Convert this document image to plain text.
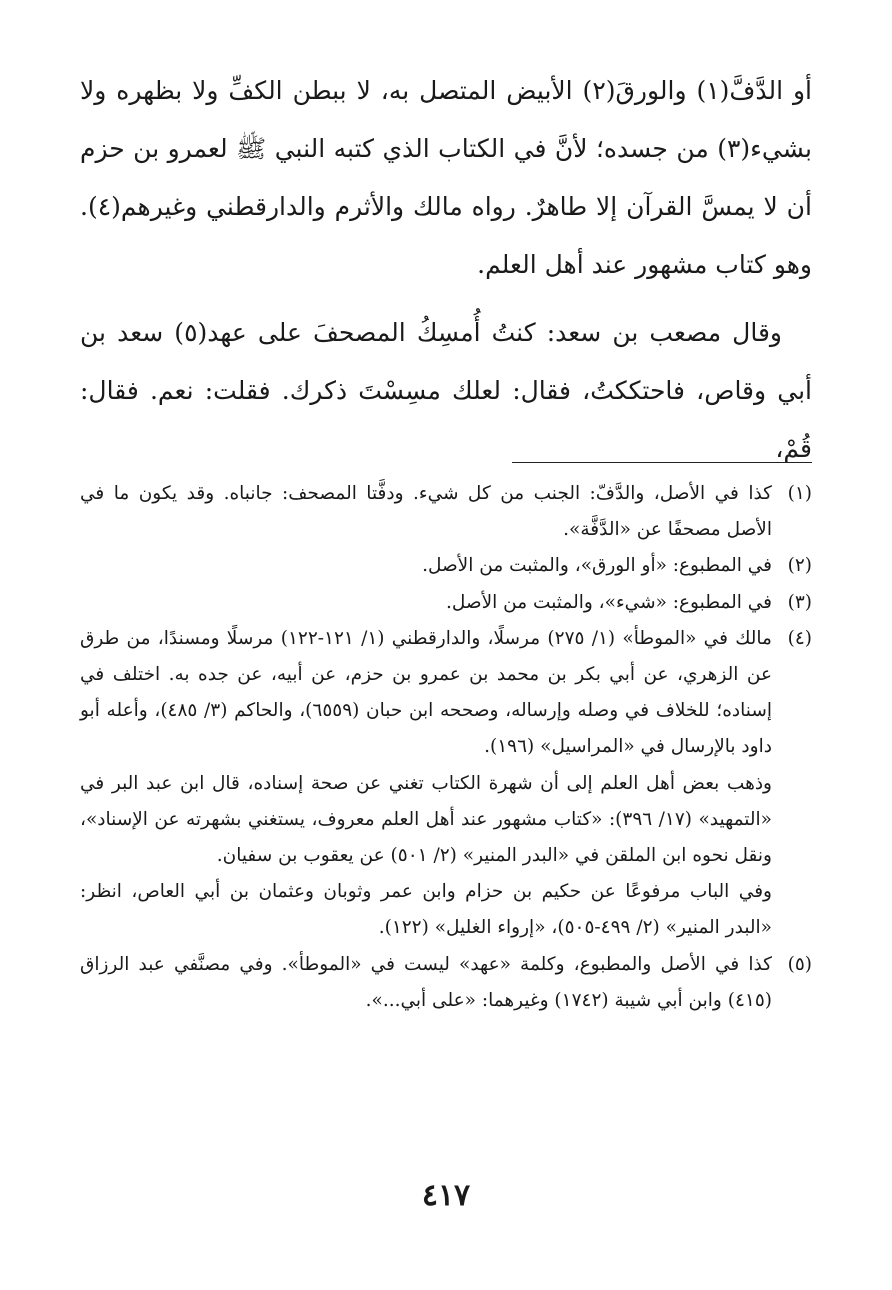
أو الدَّفَّ(١) والورقَ(٢) الأبيض المتصل به، لا ببطن الكفِّ ولا بظهره ولا بشيء(٣) من جسده؛ لأنَّ في الكتاب الذي كتبه النبي ﷺ لعمرو بن حزم أن لا يمسَّ القرآن إلا طاهرٌ. رواه مالك والأثرم والدارقطني وغيرهم(٤). وهو كتاب مشهور عند أهل العلم.

وقال مصعب بن سعد: كنتُ أُمسِكُ المصحفَ على عهد(٥) سعد بن أبي وقاص، فاحتككتُ، فقال: لعلك مسِسْتَ ذكرك. فقلت: نعم. فقال: قُمْ،

(١)

كذا في الأصل، والدَّفّ: الجنب من كل شيء. ودفَّتا المصحف: جانباه. وقد يكون ما في الأصل مصحفًا عن «الدَّفَّة».

(٢)

في المطبوع: «أو الورق»، والمثبت من الأصل.

(٣)

في المطبوع: «شيء»، والمثبت من الأصل.

(٤)

مالك في «الموطأ» (١/ ٢٧٥) مرسلًا، والدارقطني (١/ ١٢١-١٢٢) مرسلًا ومسندًا، من طرق عن الزهري، عن أبي بكر بن محمد بن عمرو بن حزم، عن أبيه، عن جده به. اختلف في إسناده؛ للخلاف في وصله وإرساله، وصححه ابن حبان (٦٥٥٩)، والحاكم (٣/ ٤٨٥)، وأعله أبو داود بالإرسال في «المراسيل» (١٩٦).

وذهب بعض أهل العلم إلى أن شهرة الكتاب تغني عن صحة إسناده، قال ابن عبد البر في «التمهيد» (١٧/ ٣٩٦): «كتاب مشهور عند أهل العلم معروف، يستغني بشهرته عن الإسناد»، ونقل نحوه ابن الملقن في «البدر المنير» (٢/ ٥٠١) عن يعقوب بن سفيان.

وفي الباب مرفوعًا عن حكيم بن حزام وابن عمر وثوبان وعثمان بن أبي العاص، انظر: «البدر المنير» (٢/ ٤٩٩-٥٠٥)، «إرواء الغليل» (١٢٢).

(٥)

كذا في الأصل والمطبوع، وكلمة «عهد» ليست في «الموطأ». وفي مصنَّفي عبد الرزاق (٤١٥) وابن أبي شيبة (١٧٤٢) وغيرهما: «على أبي...».

٤١٧
